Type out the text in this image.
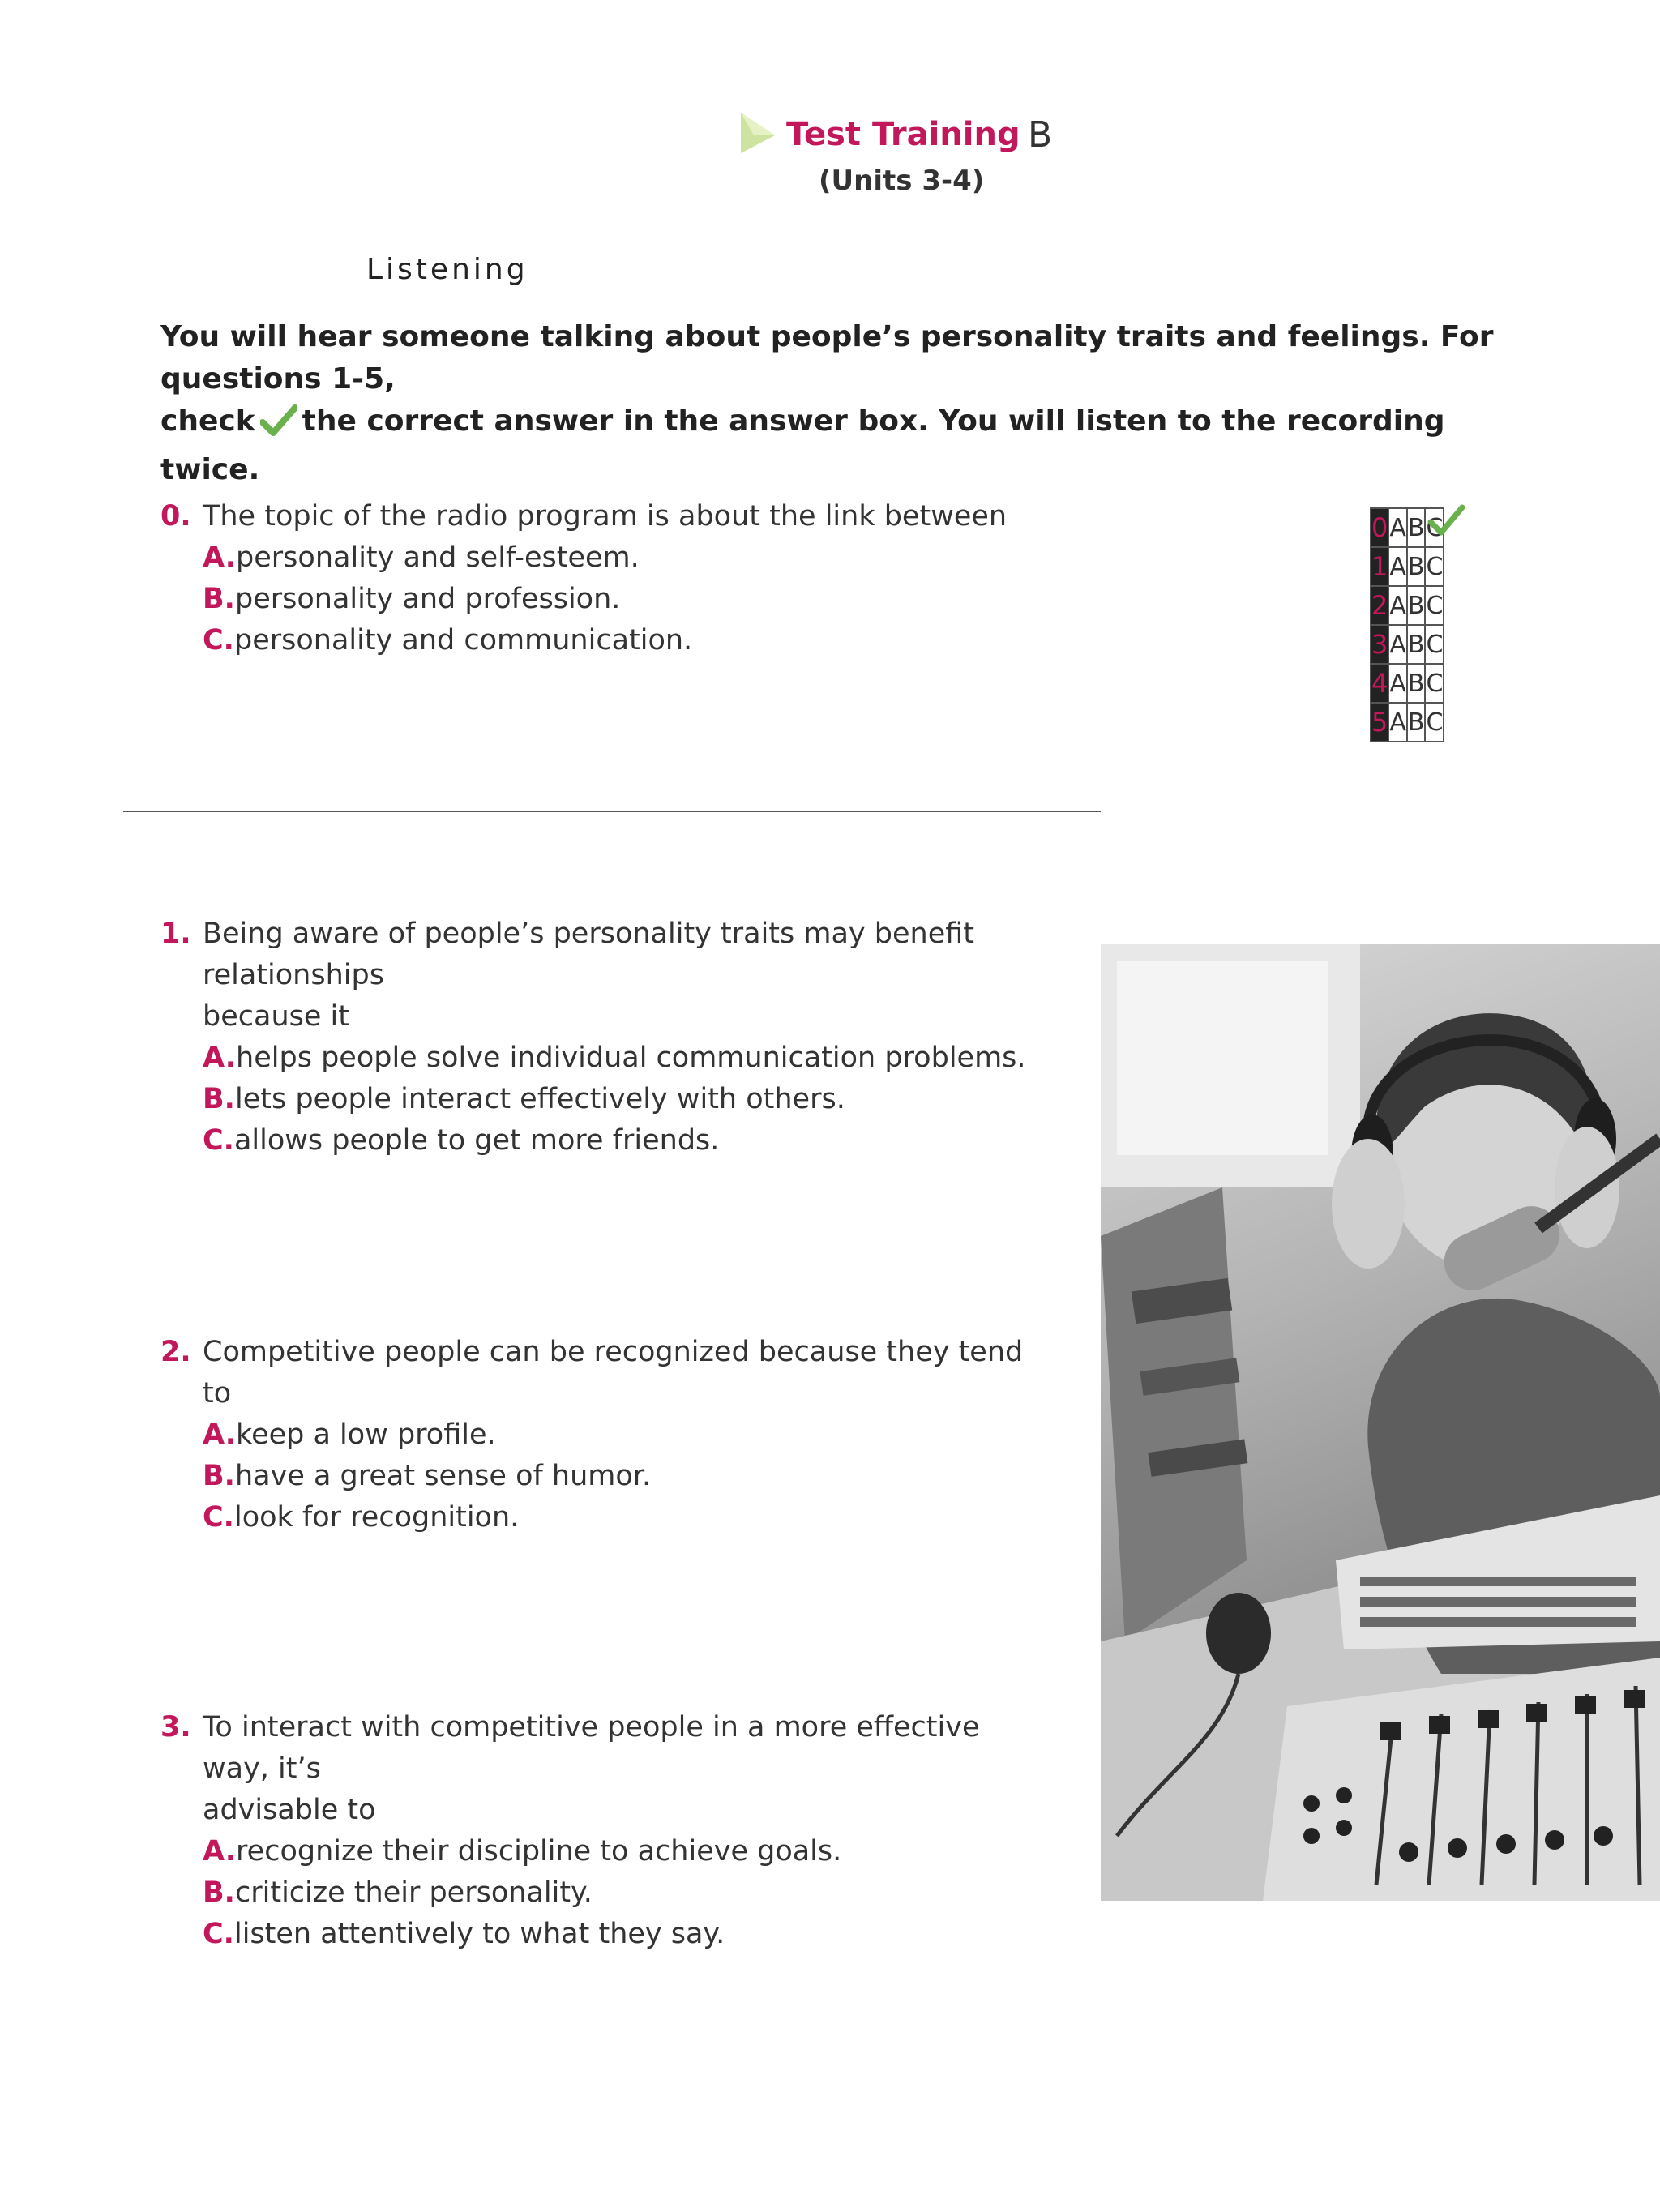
Test Training B
(Units 3-4)
Listening
You will hear someone talking about people’s personality traits and feelings. For questions 1-5,
check the correct answer in the answer box. You will listen to the recording twice.
0. The topic of the radio program is about the link between
A.personality and self-esteem.
B.personality and profession.
C.personality and communication.
0	A	B	C

1	A	B	C
2	A	B	C
3	A	B	C
4	A	B	C
5	A	B	C
1. Being aware of people’s personality traits may benefit relationships
because it
A.helps people solve individual communication problems.
B.lets people interact effectively with others.
C.allows people to get more friends.
2. Competitive people can be recognized because they tend to
A.keep a low profile.
B.have a great sense of humor.
C.look for recognition.
3. To interact with competitive people in a more effective way, it’s
advisable to
A.recognize their discipline to achieve goals.
B.criticize their personality.
C.listen attentively to what they say.
